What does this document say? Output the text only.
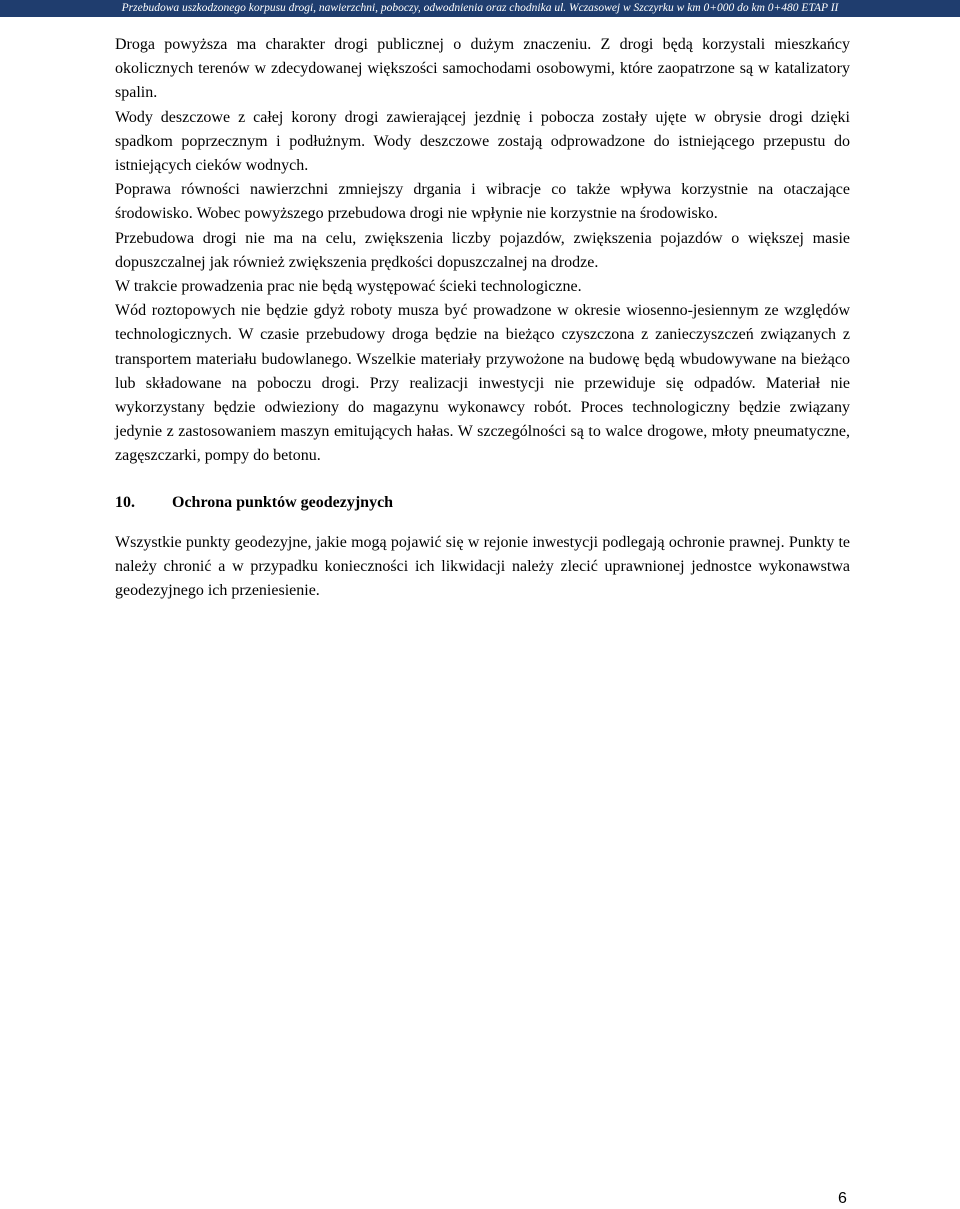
Przebudowa uszkodzonego korpusu drogi, nawierzchni, poboczy, odwodnienia oraz chodnika ul. Wczasowej w Szczyrku w km 0+000 do km 0+480 ETAP II

Droga powyższa ma charakter drogi publicznej o dużym znaczeniu. Z drogi będą korzystali mieszkańcy okolicznych terenów w zdecydowanej większości samochodami osobowymi, które zaopatrzone są w katalizatory spalin.

Wody deszczowe z całej korony drogi zawierającej jezdnię i pobocza zostały ujęte w obrysie drogi dzięki spadkom poprzecznym i podłużnym. Wody deszczowe zostają odprowadzone do istniejącego przepustu do istniejących cieków wodnych.

Poprawa równości nawierzchni zmniejszy drgania i wibracje co także wpływa korzystnie na otaczające środowisko. Wobec powyższego przebudowa drogi nie wpłynie nie korzystnie na środowisko.

Przebudowa drogi nie ma na celu, zwiększenia liczby pojazdów, zwiększenia pojazdów o większej masie dopuszczalnej jak również zwiększenia prędkości dopuszczalnej na drodze.

W trakcie prowadzenia prac nie będą występować ścieki technologiczne.

Wód roztopowych nie będzie gdyż roboty musza być prowadzone w okresie wiosenno-jesiennym ze względów technologicznych. W czasie przebudowy droga będzie na bieżąco czyszczona z zanieczyszczeń związanych z transportem materiału budowlanego. Wszelkie materiały przywożone na budowę będą wbudowywane na bieżąco lub składowane na poboczu drogi. Przy realizacji inwestycji nie przewiduje się odpadów. Materiał nie wykorzystany będzie odwieziony do magazynu wykonawcy robót. Proces technologiczny będzie związany jedynie z zastosowaniem maszyn emitujących hałas. W szczególności są to walce drogowe, młoty pneumatyczne, zagęszczarki, pompy do betonu.

10. Ochrona punktów geodezyjnych

Wszystkie punkty geodezyjne, jakie mogą pojawić się w rejonie inwestycji podlegają ochronie prawnej. Punkty te należy chronić a w przypadku konieczności ich likwidacji należy zlecić uprawnionej jednostce wykonawstwa geodezyjnego ich przeniesienie.

6
